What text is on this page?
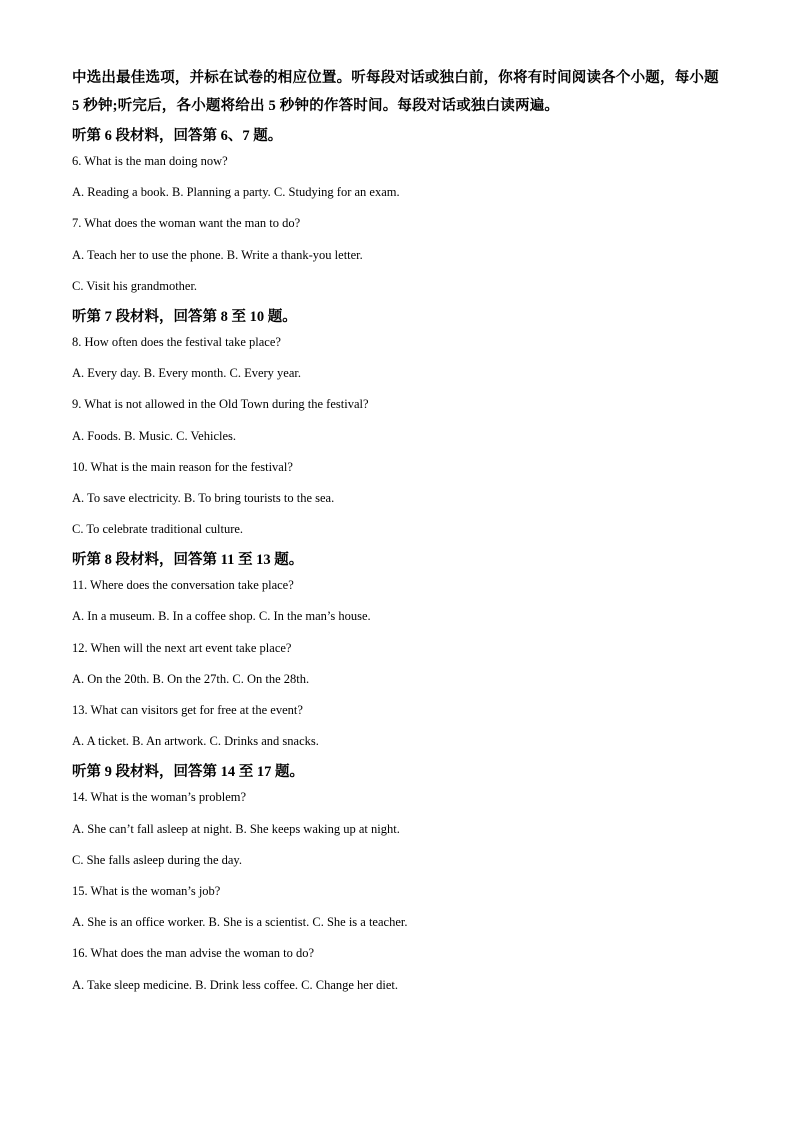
中选出最佳选项，并标在试卷的相应位置。听每段对话或独白前，你将有时间阅读各个小题，每小题 5 秒钟;听完后，各小题将给出 5 秒钟的作答时间。每段对话或独白读两遍。

听第 6 段材料，回答第 6、7 题。

6. What is the man doing now?

A. Reading a book. B. Planning a party. C. Studying for an exam.

7. What does the woman want the man to do?

A. Teach her to use the phone. B. Write a thank-you letter.

C. Visit his grandmother.

听第 7 段材料，回答第 8 至 10 题。

8. How often does the festival take place?

A. Every day. B. Every month. C. Every year.

9. What is not allowed in the Old Town during the festival?

A. Foods. B. Music. C. Vehicles.

10. What is the main reason for the festival?

A. To save electricity. B. To bring tourists to the sea.

C. To celebrate traditional culture.

听第 8 段材料，回答第 11 至 13 题。

11. Where does the conversation take place?

A. In a museum. B. In a coffee shop. C. In the man’s house.

12. When will the next art event take place?

A. On the 20th. B. On the 27th. C. On the 28th.

13. What can visitors get for free at the event?

A. A ticket. B. An artwork. C. Drinks and snacks.

听第 9 段材料，回答第 14 至 17 题。

14. What is the woman’s problem?

A. She can’t fall asleep at night. B. She keeps waking up at night.

C. She falls asleep during the day.

15. What is the woman’s job?

A. She is an office worker. B. She is a scientist. C. She is a teacher.

16. What does the man advise the woman to do?

A. Take sleep medicine. B. Drink less coffee. C. Change her diet.
